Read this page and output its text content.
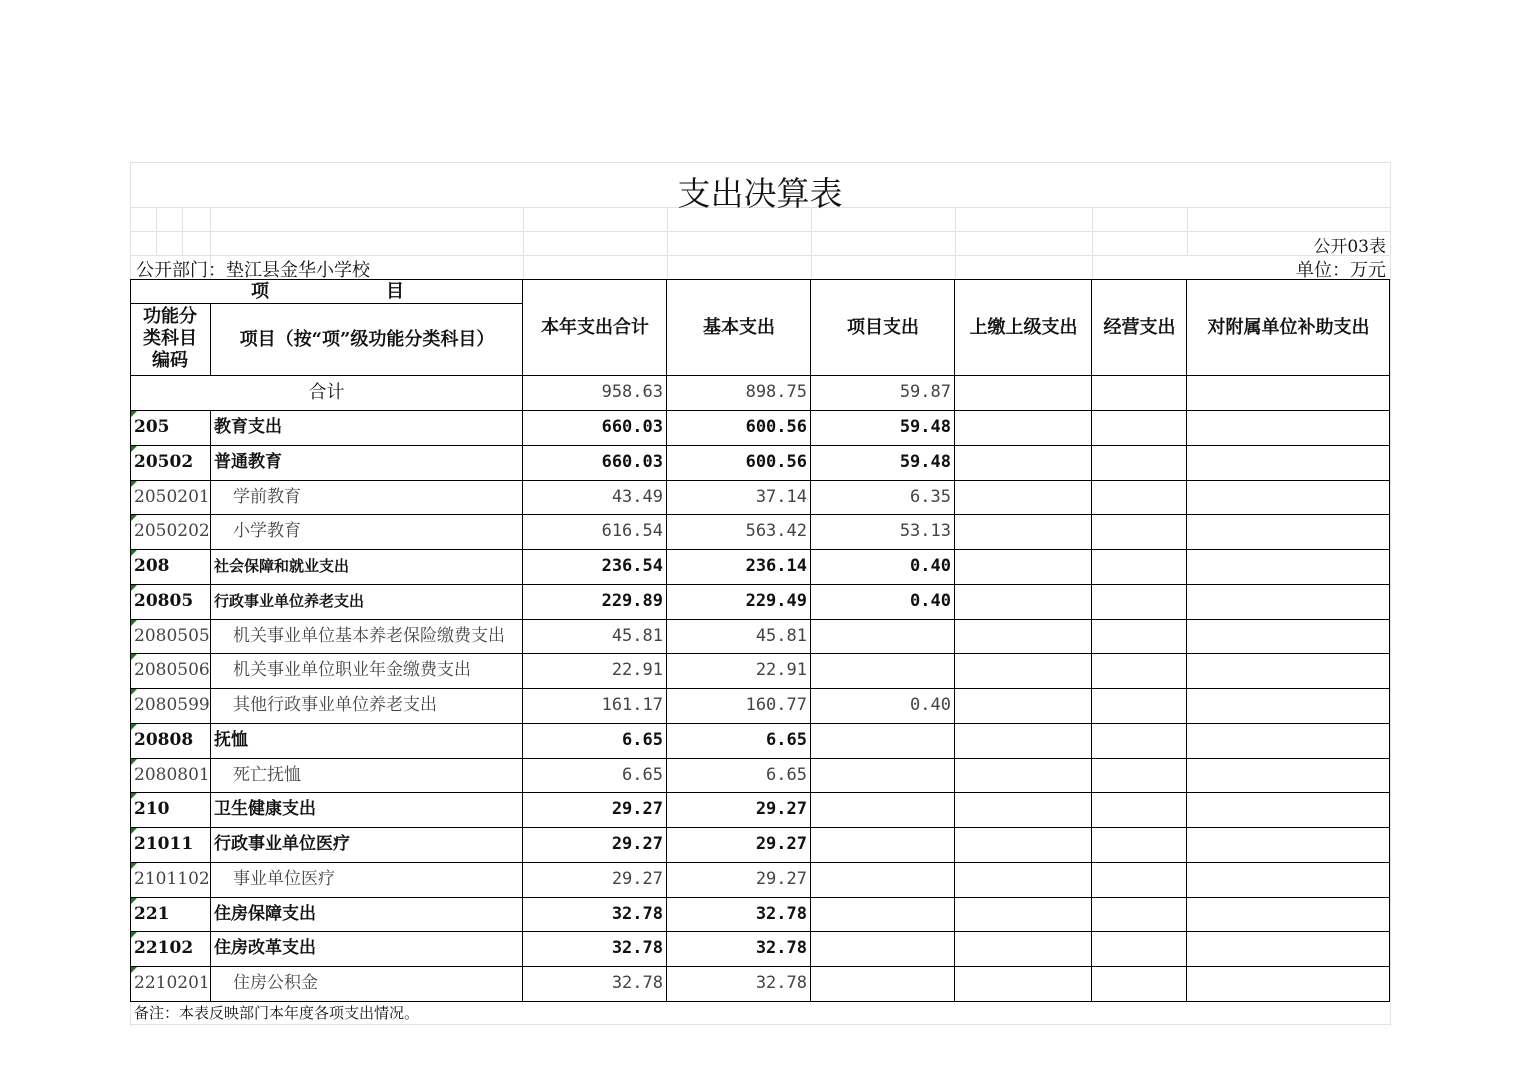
支出决算表
公开03表
公开部门：垫江县金华小学校	单位：万元
项	目
功能分
类科目
编码
项目（按“项”级功能分类科目）
本年支出合计	基本支出	项目支出	上缴上级支出	经营支出	对附属单位补助支出
合计	958.63	898.75	59.87
205	教育支出	660.03	600.56	59.48
20502 普通教育	660.03	600.56	59.48
2050201 学前教育	43.49	37.14	6.35
2050202 小学教育	616.54	563.42	53.13
208	社会保障和就业支出	236.54	236.14	0.40
20805 行政事业单位养老支出	229.89	229.49	0.40
2080505 机关事业单位基本养老保险缴费支出	45.81	45.81
2080506 机关事业单位职业年金缴费支出	22.91	22.91
2080599 其他行政事业单位养老支出	161.17	160.77	0.40
20808 抚恤	6.65	6.65
2080801 死亡抚恤	6.65	6.65
210	卫生健康支出	29.27	29.27
21011 行政事业单位医疗	29.27	29.27
2101102 事业单位医疗	29.27	29.27
221	住房保障支出	32.78	32.78
22102 住房改革支出	32.78	32.78
2210201 住房公积金	32.78	32.78
备注：本表反映部门本年度各项支出情况。
